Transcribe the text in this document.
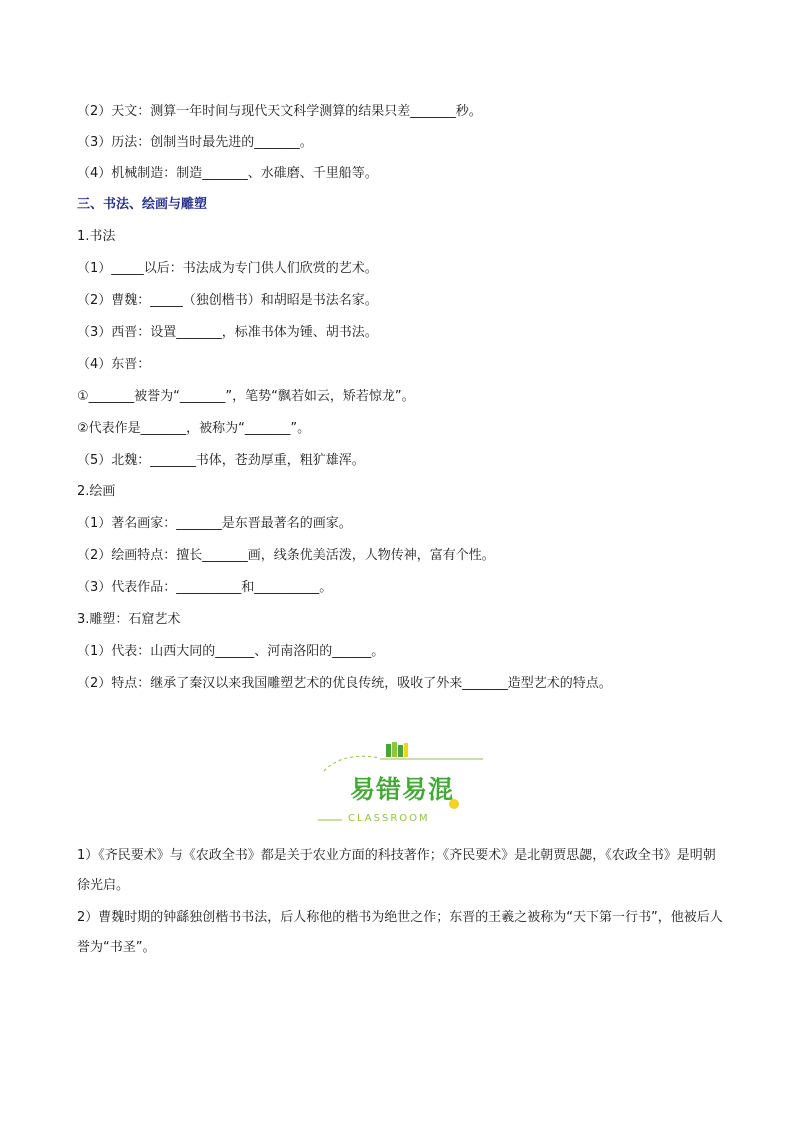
（2）天文：测算一年时间与现代天文科学测算的结果只差_______秒。
（3）历法：创制当时最先进的_______。
（4）机械制造：制造_______、水碓磨、千里船等。
三、书法、绘画与雕塑
1.书法
（1）_____以后：书法成为专门供人们欣赏的艺术。
（2）曹魏：_____（独创楷书）和胡昭是书法名家。
（3）西晋：设置_______，标准书体为锺、胡书法。
（4）东晋：
①_______被誉为“_______”，笔势“飘若如云，矫若惊龙”。
②代表作是_______，被称为“_______”。
（5）北魏：_______书体，苍劲厚重，粗犷雄浑。
2.绘画
（1）著名画家：_______是东晋最著名的画家。
（2）绘画特点：擅长_______画，线条优美活泼，人物传神，富有个性。
（3）代表作品：__________和__________。
3.雕塑：石窟艺术
（1）代表：山西大同的______、河南洛阳的______。
（2）特点：继承了秦汉以来我国雕塑艺术的优良传统，吸收了外来_______造型艺术的特点。
易错易混
CLASSROOM
1）《齐民要术》与《农政全书》都是关于农业方面的科技著作；《齐民要术》是北朝贾思勰，《农政全书》是明朝徐光启。
2）曹魏时期的钟繇独创楷书书法，后人称他的楷书为绝世之作；东晋的王羲之被称为“天下第一行书”，他被后人誉为“书圣”。
